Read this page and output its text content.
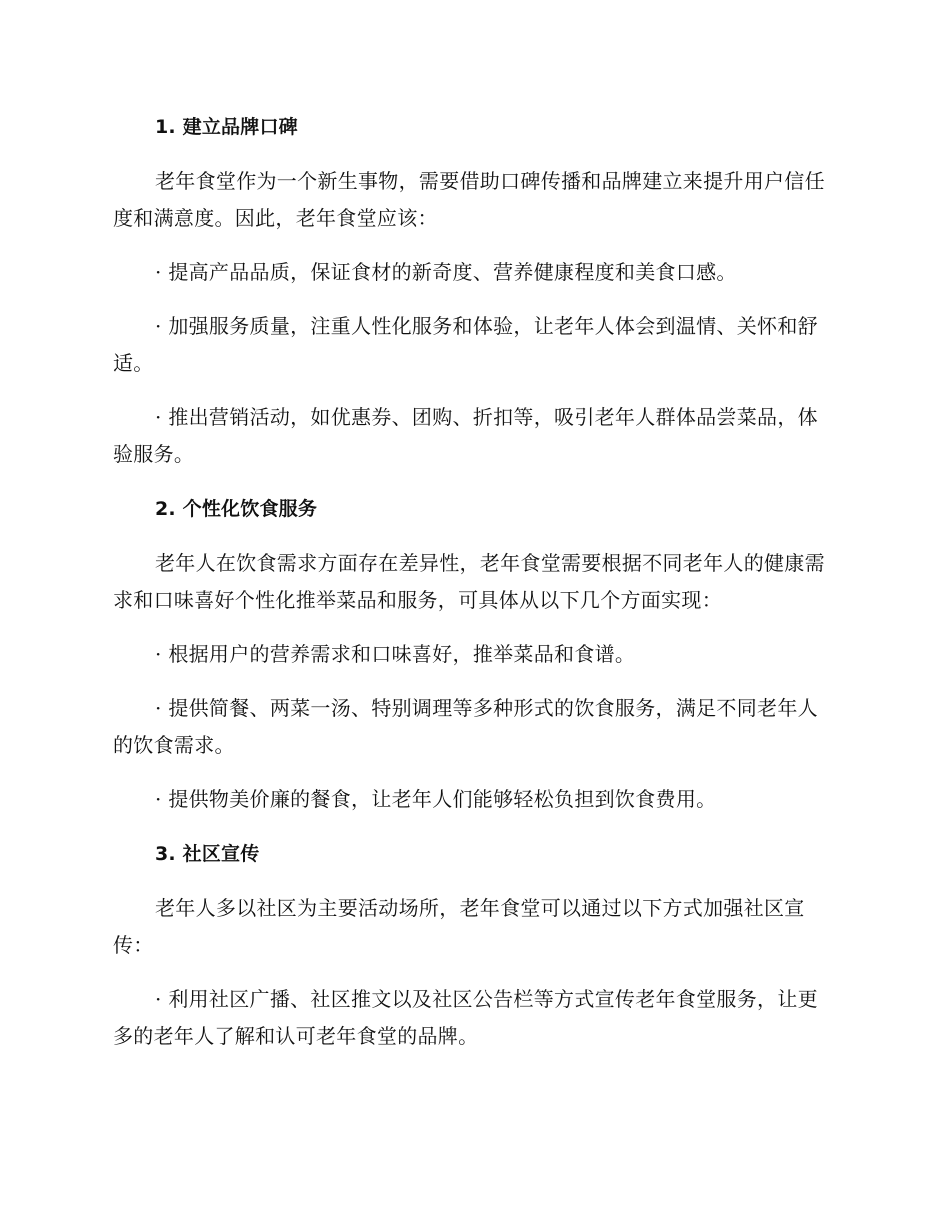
1. 建立品牌口碑

老年食堂作为一个新生事物，需要借助口碑传播和品牌建立来提升用户信任度和满意度。因此，老年食堂应该：

· 提高产品品质，保证食材的新奇度、营养健康程度和美食口感。

· 加强服务质量，注重人性化服务和体验，让老年人体会到温情、关怀和舒适。

· 推出营销活动，如优惠券、团购、折扣等，吸引老年人群体品尝菜品，体验服务。

2. 个性化饮食服务

老年人在饮食需求方面存在差异性，老年食堂需要根据不同老年人的健康需求和口味喜好个性化推举菜品和服务，可具体从以下几个方面实现：

· 根据用户的营养需求和口味喜好，推举菜品和食谱。

· 提供简餐、两菜一汤、特别调理等多种形式的饮食服务，满足不同老年人的饮食需求。

· 提供物美价廉的餐食，让老年人们能够轻松负担到饮食费用。

3. 社区宣传

老年人多以社区为主要活动场所，老年食堂可以通过以下方式加强社区宣传：

· 利用社区广播、社区推文以及社区公告栏等方式宣传老年食堂服务，让更多的老年人了解和认可老年食堂的品牌。
